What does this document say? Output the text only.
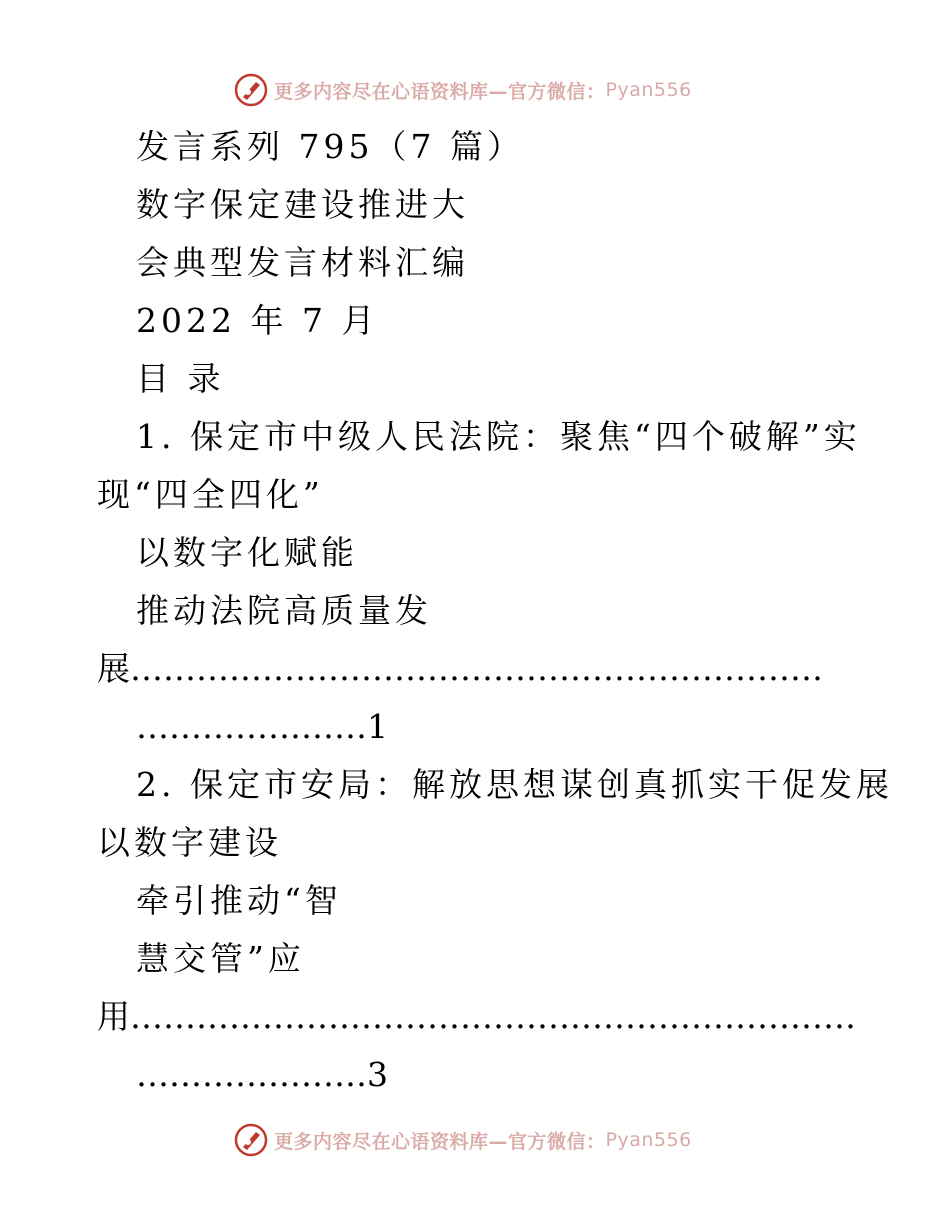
更多内容尽在心语资料库—官方微信： Pyan556
发言系列 795（7 篇）
数字保定建设推进大
会典型发言材料汇编
2022 年 7 月
目 录
1. 保定市中级人民法院：聚焦“四个破解”实
现“四全四化”
以数字化赋能
推动法院高质量发
展………………………………………………………
…………………1
2. 保定市安局：解放思想谋创真抓实干促发展
以数字建设
牵引推动“智
慧交管”应
用…………………………………………………………
…………………3
更多内容尽在心语资料库—官方微信： Pyan556
